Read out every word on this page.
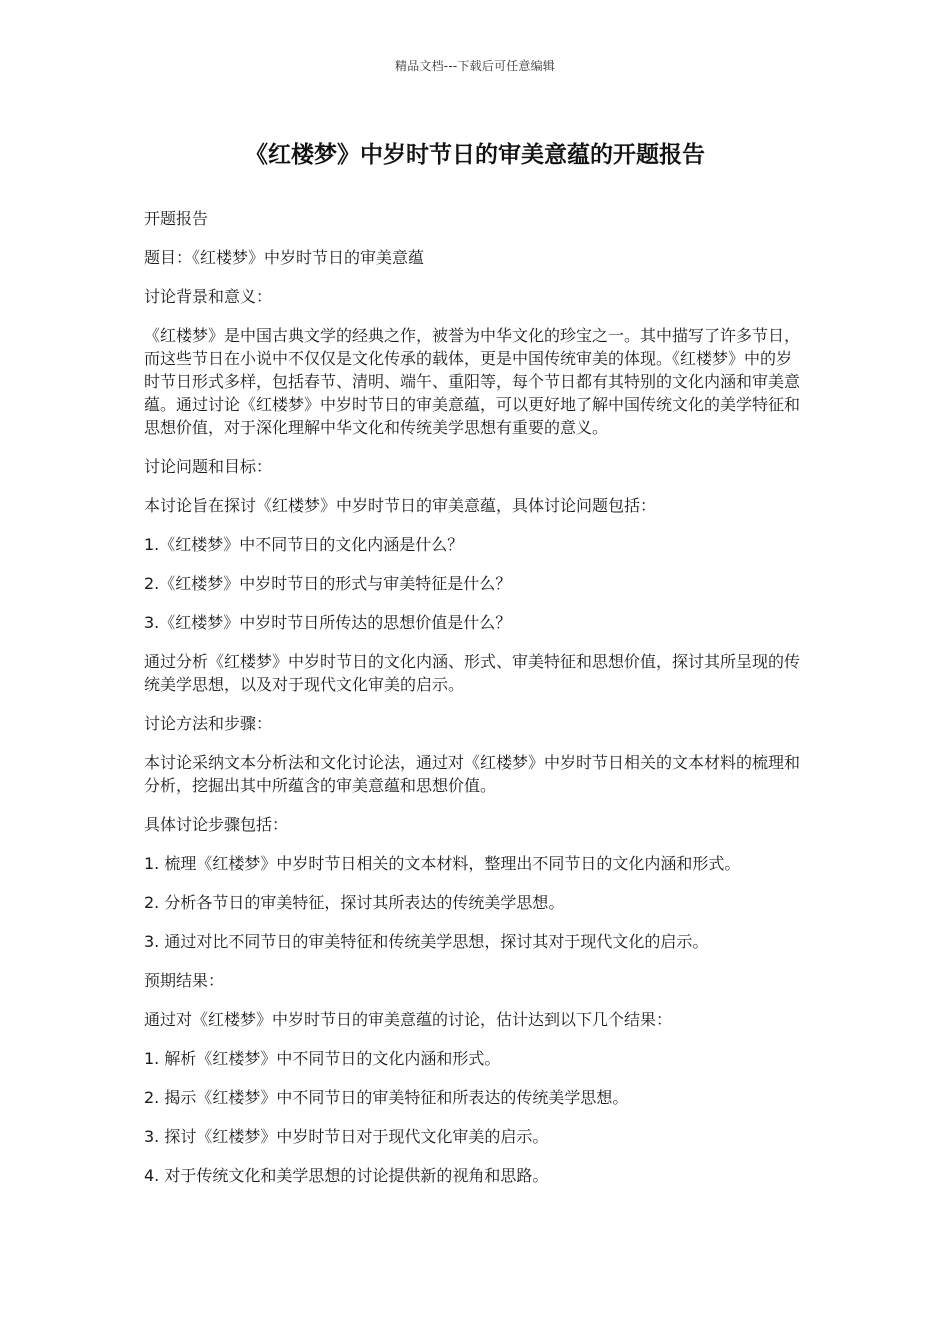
精品文档---下载后可任意编辑
《红楼梦》中岁时节日的审美意蕴的开题报告

开题报告

题目：《红楼梦》中岁时节日的审美意蕴

讨论背景和意义：

《红楼梦》是中国古典文学的经典之作，被誉为中华文化的珍宝之一。其中描写了许多节日，而这些节日在小说中不仅仅是文化传承的载体，更是中国传统审美的体现。《红楼梦》中的岁时节日形式多样，包括春节、清明、端午、重阳等，每个节日都有其特别的文化内涵和审美意蕴。通过讨论《红楼梦》中岁时节日的审美意蕴，可以更好地了解中国传统文化的美学特征和思想价值，对于深化理解中华文化和传统美学思想有重要的意义。

讨论问题和目标：

本讨论旨在探讨《红楼梦》中岁时节日的审美意蕴，具体讨论问题包括：

1.《红楼梦》中不同节日的文化内涵是什么？

2.《红楼梦》中岁时节日的形式与审美特征是什么？

3.《红楼梦》中岁时节日所传达的思想价值是什么？

通过分析《红楼梦》中岁时节日的文化内涵、形式、审美特征和思想价值，探讨其所呈现的传统美学思想，以及对于现代文化审美的启示。

讨论方法和步骤：

本讨论采纳文本分析法和文化讨论法，通过对《红楼梦》中岁时节日相关的文本材料的梳理和分析，挖掘出其中所蕴含的审美意蕴和思想价值。

具体讨论步骤包括：

1. 梳理《红楼梦》中岁时节日相关的文本材料，整理出不同节日的文化内涵和形式。

2. 分析各节日的审美特征，探讨其所表达的传统美学思想。

3. 通过对比不同节日的审美特征和传统美学思想，探讨其对于现代文化的启示。

预期结果：

通过对《红楼梦》中岁时节日的审美意蕴的讨论，估计达到以下几个结果：

1. 解析《红楼梦》中不同节日的文化内涵和形式。

2. 揭示《红楼梦》中不同节日的审美特征和所表达的传统美学思想。

3. 探讨《红楼梦》中岁时节日对于现代文化审美的启示。

4. 对于传统文化和美学思想的讨论提供新的视角和思路。
